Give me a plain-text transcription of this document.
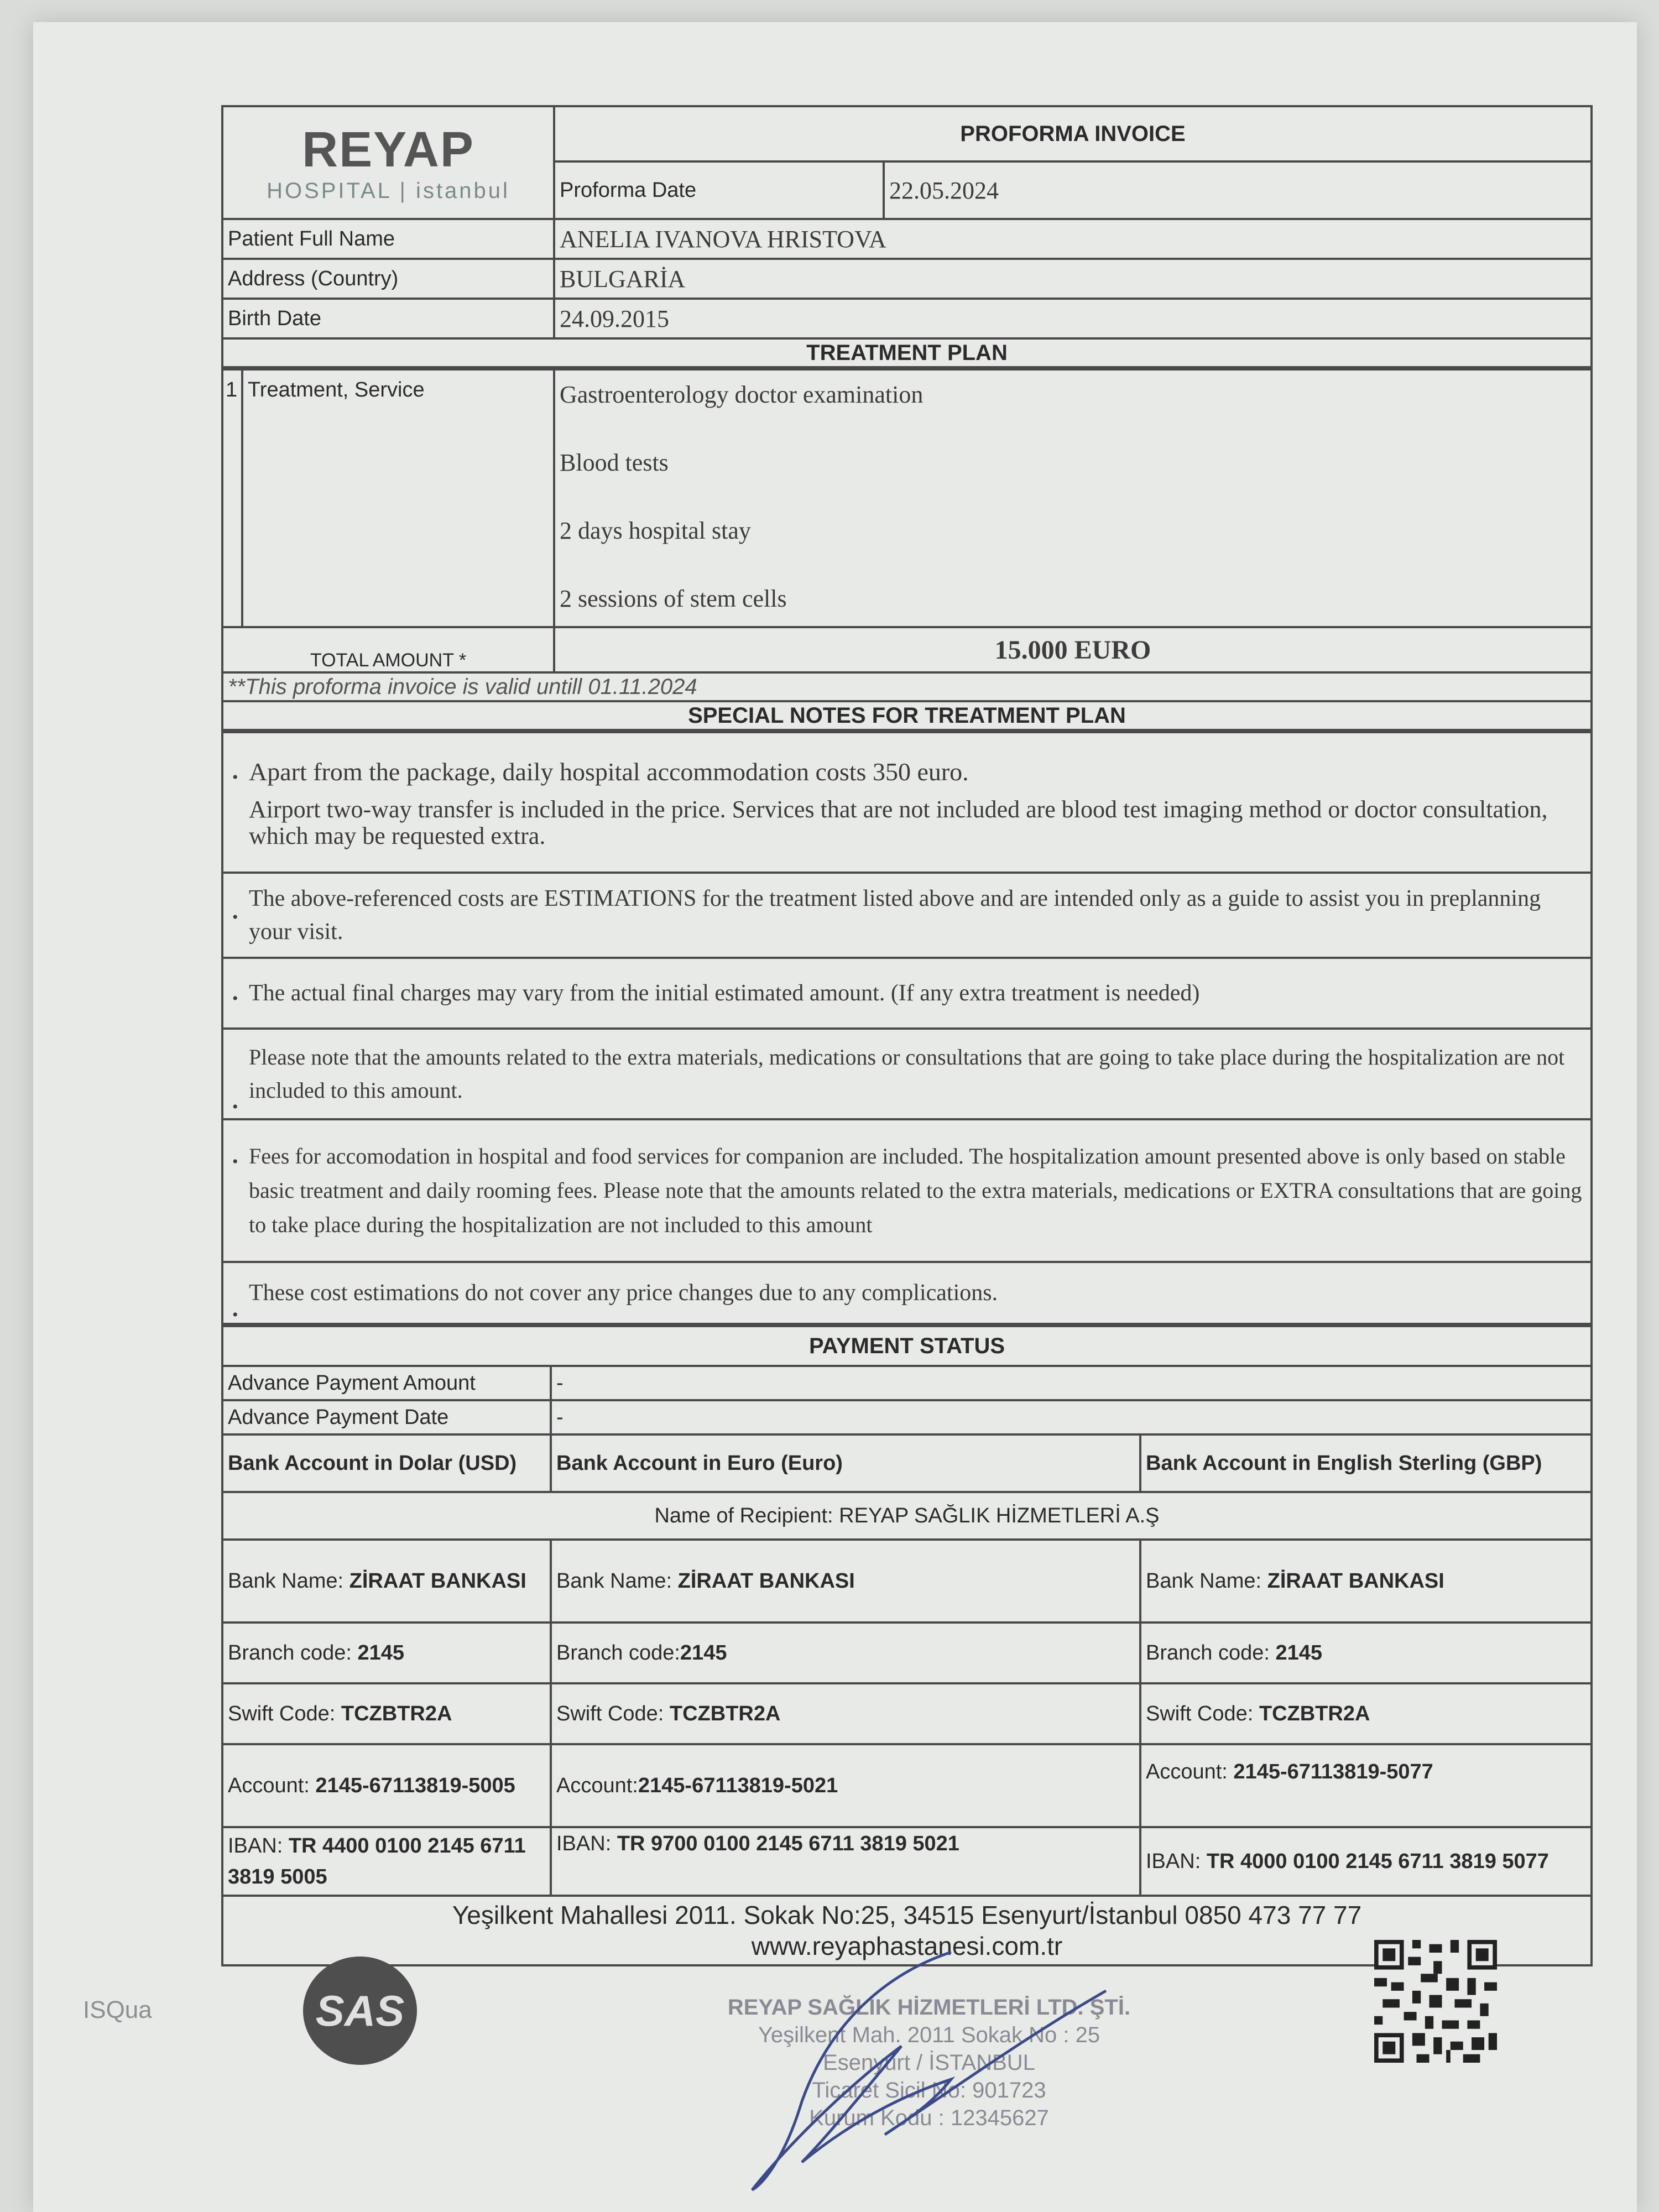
REYAP
HOSPITAL | istanbul	PROFORMA INVOICE	
	Proforma Date	22.05.2024
Patient Full Name	ANELIA IVANOVA HRISTOVA	
Address (Country)	BULGARİA	
Birth Date	24.09.2015	
TREATMENT PLAN		
1	Treatment, Service	Gastroenterology doctor examination
Blood tests
2 days hospital stay
2 sessions of stem cells

TOTAL AMOUNT *		15.000 EURO
**This proforma invoice is valid untill 01.11.2024		
SPECIAL NOTES FOR TREATMENT PLAN		
• Apart from the package, daily hospital accommodation costs 350 euro.
Airport two-way transfer is included in the price. Services that are not included are blood test imaging method or doctor consultation, which may be requested extra.

•
The above-referenced costs are ESTIMATIONS for the treatment listed above and are intended only as a guide to assist you in preplanning your visit.

• The actual final charges may vary from the initial estimated amount. (If any extra treatment is needed)

•
Please note that the amounts related to the extra materials, medications or consultations that are going to take place during the hospitalization are not included to this amount.

• Fees for accomodation in hospital and food services for companion are included. The hospitalization amount presented above is only based on stable basic treatment and daily rooming fees. Please note that the amounts related to the extra materials, medications or EXTRA consultations that are going to take place during the hospitalization are not included to this amount

•
These cost estimations do not cover any price changes due to any complications.
PAYMENT STATUS		
Advance Payment Amount	-	
Advance Payment Date	-	
Bank Account in Dolar (USD)	Bank Account in Euro (Euro)	Bank Account in English Sterling (GBP)
Name of Recipient: REYAP SAĞLIK HİZMETLERİ A.Ş		
Bank Name: ZİRAAT BANKASI	Bank Name: ZİRAAT BANKASI	Bank Name: ZİRAAT BANKASI
Branch code: 2145	Branch code:2145	Branch code: 2145
Swift Code: TCZBTR2A	Swift Code: TCZBTR2A	Swift Code: TCZBTR2A
Account: 2145-67113819-5005	Account:2145-67113819-5021	Account: 2145-67113819-5077
IBAN: TR 4400 0100 2145 6711 3819 5005	IBAN: TR 9700 0100 2145 6711 3819 5021	IBAN: TR 4000 0100 2145 6711 3819 5077

Yeşilkent Mahallesi 2011. Sokak No:25, 34515 Esenyurt/İstanbul 0850 473 77 77
www.reyaphastanesi.com.tr		
ISQua	SAS	REYAP SAĞLIK HİZMETLERİ LTD. ŞTİ.
Yeşilkent Mah. 2011 Sokak No : 25
Esenyurt / İSTANBUL
Ticaret Sicil No: 901723
Kurum Kodu : 12345627
